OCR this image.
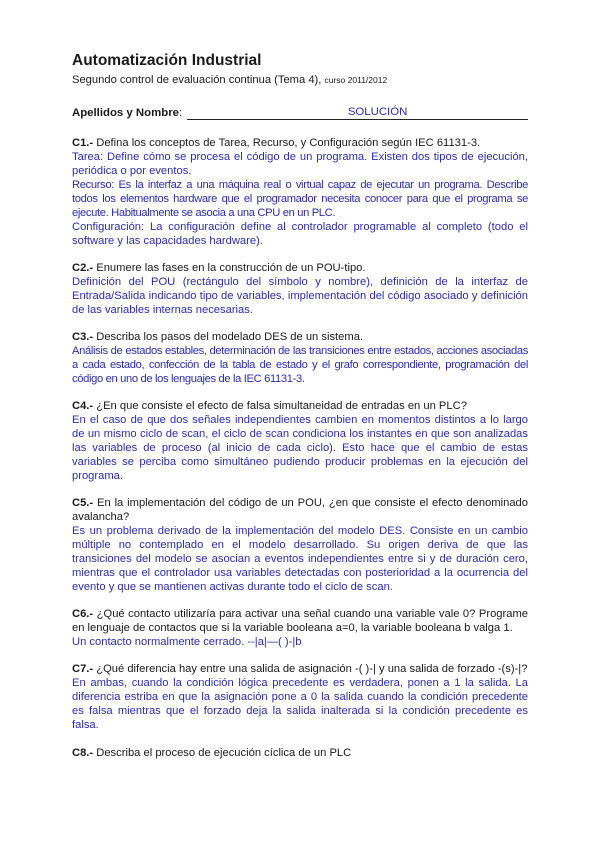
Automatización Industrial

Segundo control de evaluación continua (Tema 4), curso 2011/2012

Apellidos y Nombre :	SOLUCIÓN

C1.- Defina los conceptos de Tarea, Recurso, y Configuración según IEC 61131-3.

Tarea: Define cómo se procesa el código de un programa. Existen dos tipos de ejecución, periódica o por eventos.

Recurso: Es la interfaz a una máquina real o virtual capaz de ejecutar un programa. Describe todos los elementos hardware que el programador necesita conocer para que el programa se ejecute. Habitualmente se asocia a una CPU en un PLC.

Configuración: La configuración define al controlador programable al completo (todo el software y las capacidades hardware).

C2.- Enumere las fases en la construcción de un POU-tipo.

Definición del POU (rectángulo del símbolo y nombre), definición de la interfaz de Entrada/Salida indicando tipo de variables, implementación del código asociado y definición de las variables internas necesarias.

C3.- Describa los pasos del modelado DES de un sistema.

Análisis de estados estables, determinación de las transiciones entre estados, acciones asociadas a cada estado, confección de la tabla de estado y el grafo correspondiente, programación del código en uno de los lenguajes de la IEC 61131-3.

C4.- ¿En que consiste el efecto de falsa simultaneidad de entradas en un PLC?

En el caso de que dos señales independientes cambien en momentos distintos a lo largo de un mismo ciclo de scan, el ciclo de scan condiciona los instantes en que son analizadas las variables de proceso (al inicio de cada ciclo). Esto hace que el cambio de estas variables se perciba como simultáneo pudiendo producir problemas en la ejecución del programa.

C5.- En la implementación del código de un POU, ¿en que consiste el efecto denominado avalancha?

Es un problema derivado de la implementación del modelo DES. Consiste en un cambio múltiple no contemplado en el modelo desarrollado. Su origen deriva de que las transiciones del modelo se asocian a eventos independientes entre si y de duración cero, mientras que el controlador usa variables detectadas con posterioridad a la ocurrencia del evento y que se mantienen activas durante todo el ciclo de scan.

C6.- ¿Qué contacto utilizaría para activar una señal cuando una variable vale 0? Programe en lenguaje de contactos que si la variable booleana a=0, la variable booleana b valga 1.

Un contacto normalmente cerrado. --|a|—( )-|b

C7.- ¿Qué diferencia hay entre una salida de asignación -( )-| y una salida de forzado -(s)-|?

En ambas, cuando la condición lógica precedente es verdadera, ponen a 1 la salida. La diferencia estriba en que la asignación pone a 0 la salida cuando la condición precedente es falsa mientras que el forzado deja la salida inalterada si la condición precedente es falsa.

C8.- Describa el proceso de ejecución cíclica de un PLC
